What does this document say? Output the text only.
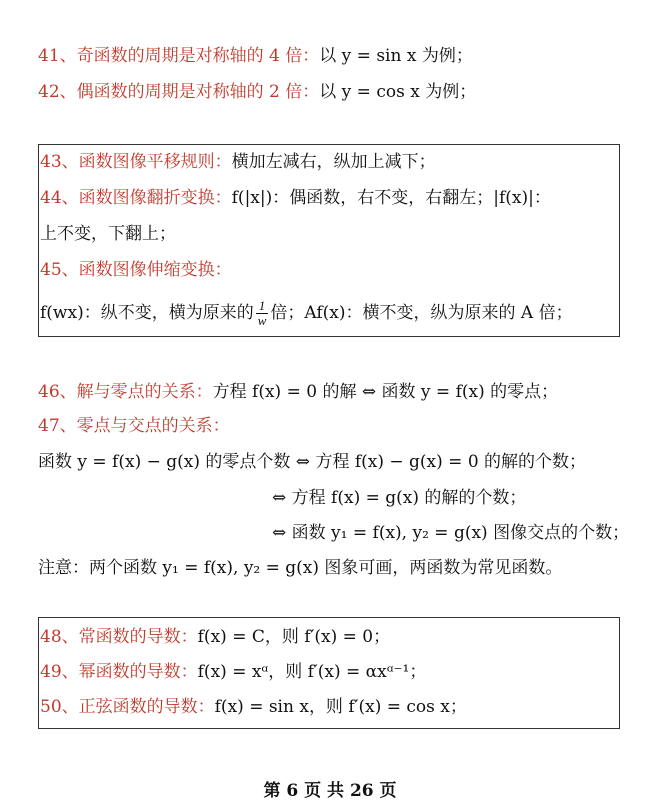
41、奇函数的周期是对称轴的 4 倍：以 y = sin x 为例；
42、偶函数的周期是对称轴的 2 倍：以 y = cos x 为例；
43、函数图像平移规则：横加左减右，纵加上减下；
44、函数图像翻折变换：f(|x|)：偶函数，右不变，右翻左；|f(x)|：
上不变，下翻上；
45、函数图像伸缩变换：
f(wx)：纵不变，横为原来的 $\frac{1}{w}$ 倍；Af(x)：横不变，纵为原来的 A 倍；
46、解与零点的关系：方程 f(x) = 0 的解 ⇔ 函数 y = f(x) 的零点；
47、零点与交点的关系：
函数 y = f(x) − g(x) 的零点个数 ⇔ 方程 f(x) − g(x) = 0 的解的个数；
⇔ 方程 f(x) = g(x) 的解的个数；
⇔ 函数 y₁ = f(x), y₂ = g(x) 图像交点的个数；
注意：两个函数 y₁ = f(x), y₂ = g(x) 图象可画，两函数为常见函数。
48、常函数的导数：f(x) = C，则 f′(x) = 0；
49、幂函数的导数：f(x) = xᵅ，则 f′(x) = αxᵅ⁻¹；
50、正弦函数的导数：f(x) = sin x，则 f′(x) = cos x；
第 6 页 共 26 页
